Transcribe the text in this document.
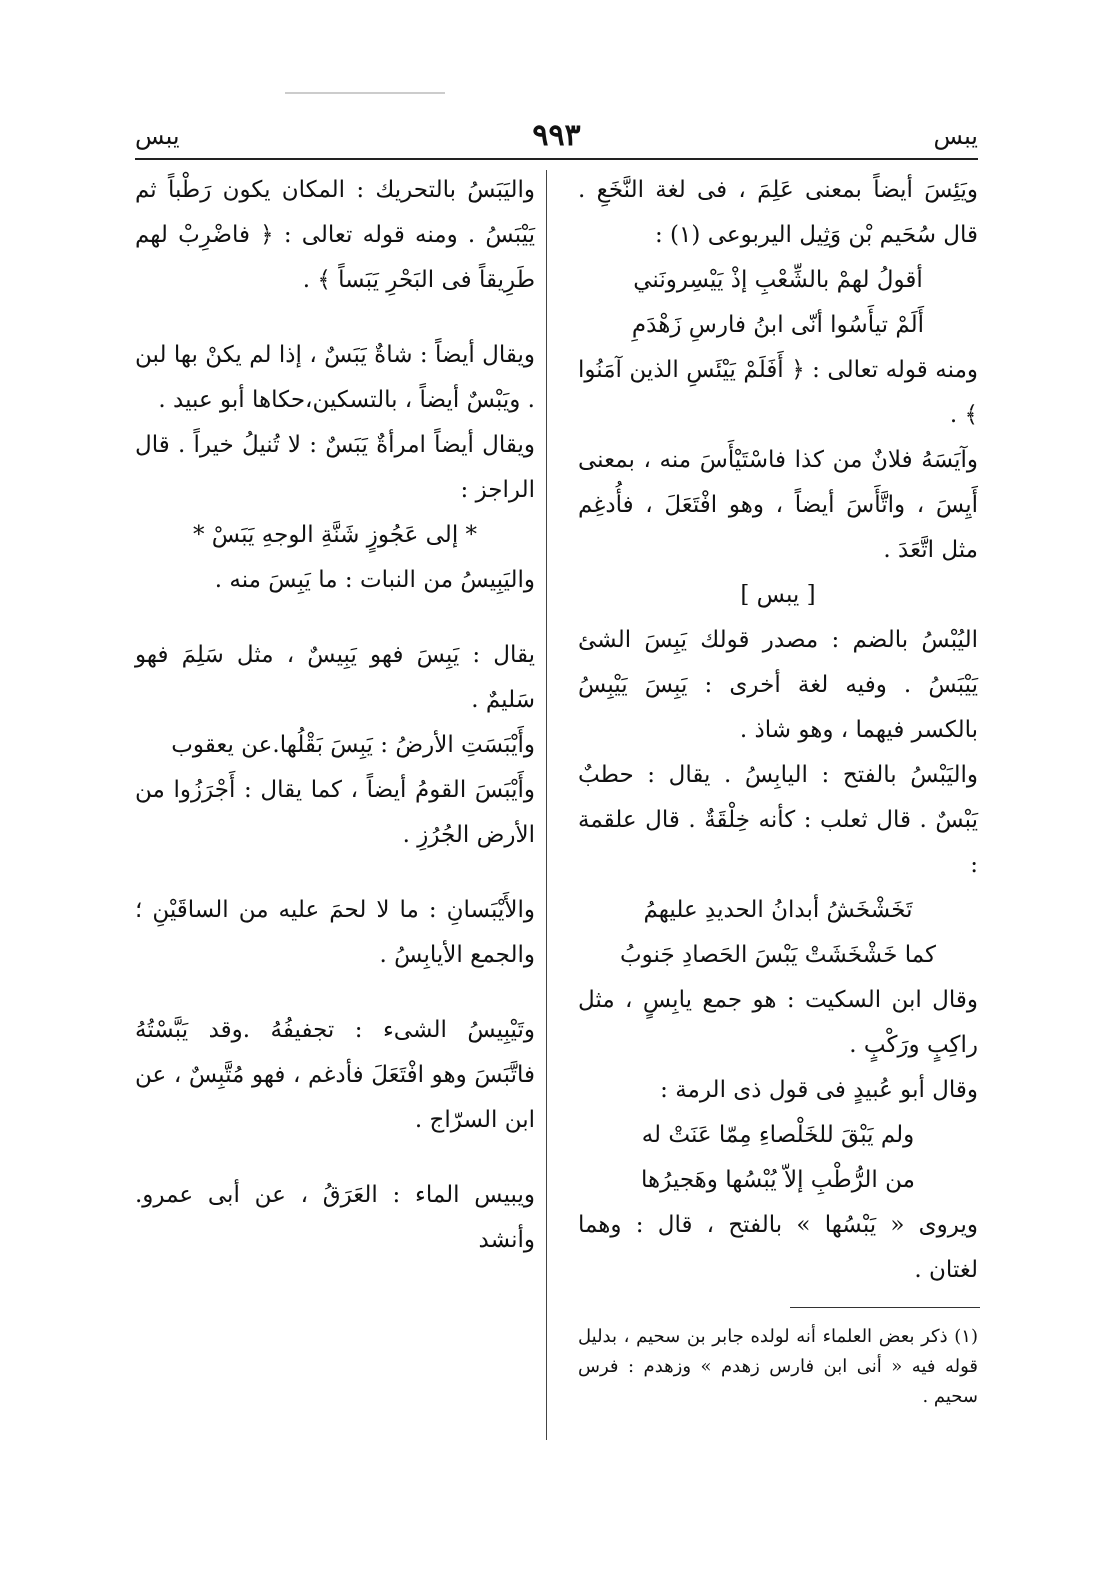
يبس
٩٩٣
يبس

ويَئِسَ أيضاً بمعنى عَلِمَ ، فى لغة النَّخَعِ . قال سُحَيم بْن وَثِيل اليربوعى (١) :

أقولُ لهمْ بالشِّعْبِ إذْ يَيْسِرونَني

أَلَمْ تيأَسُوا أنّى ابنُ فارسِ زَهْدَمِ

ومنه قوله تعالى : ﴿ أَفَلَمْ يَيْئَسِ الذين آمَنُوا ﴾ .

وآيَسَهُ فلانٌ من كذا فاسْتَيْأَسَ منه ، بمعنى أَيِسَ ، واتَّأَسَ أيضاً ، وهو افْتَعَلَ ، فأُدغِم مثل اتَّعَدَ .

[ يبس ]

اليُبْسُ بالضم : مصدر قولك يَبِسَ الشئ يَيْبَسُ . وفيه لغة أخرى : يَبِسَ يَيْبِسُ بالكسر فيهما ، وهو شاذ .

واليَبْسُ بالفتح : اليابِسُ . يقال : حطبٌ يَبْسٌ . قال ثعلب : كأنه خِلْقَةٌ . قال علقمة :

تَخَشْخَشُ أبدانُ الحديدِ عليهمُ

كما خَشْخَشَتْ يَبْسَ الحَصادِ جَنوبُ

وقال ابن السكيت : هو جمع يابِسٍ ، مثل راكِبٍ ورَكْبٍ .

وقال أبو عُبيدٍ فى قول ذى الرمة :

ولم يَبْقَ للخَلْصاءِ مِمّا عَنَتْ له

من الرُّطْبِ إلاّ يُبْسُها وهَجيرُها

ويروى « يَبْسُها » بالفتح ، قال : وهما لغتان .

واليَبَسُ بالتحريك : المكان يكون رَطْباً ثم يَيْبَسُ . ومنه قوله تعالى : ﴿ فاضْرِبْ لهم طَرِيقاً فى البَحْرِ يَبَساً ﴾ .

ويقال أيضاً : شاةٌ يَبَسٌ ، إذا لم يكنْ بها لبن . ويَبْسٌ أيضاً ، بالتسكين،حكاها أبو عبيد .

ويقال أيضاً امرأةٌ يَبَسٌ : لا تُنيلُ خيراً . قال الراجز :

* إلى عَجُوزٍ شَنَّةِ الوجهِ يَبَسْ *

واليَبِيسُ من النبات : ما يَبِسَ منه .

يقال : يَبِسَ فهو يَبِيسٌ ، مثل سَلِمَ فهو سَليمٌ .

وأَيْبَسَتِ الأرضُ : يَبِسَ بَقْلُها.عن يعقوب

وأَيْبَسَ القومُ أيضاً ، كما يقال : أَجْرَزُوا من الأرض الجُرُزِ .

والأَيْبَسانِ : ما لا لحمَ عليه من الساقَيْنِ ؛ والجمع الأيابِسُ .

وتَيْبِيسُ الشىء : تجفيفُهُ .وقد يَبَّسْتُهُ فاتَّبَسَ وهو افْتَعَلَ فأدغم ، فهو مُتَّبِسٌ ، عن ابن السرّاج .

ويبيس الماء : العَرَقُ ، عن أبى عمرو. وأنشد

(١) ذكر بعض العلماء أنه لولده جابر بن سحيم ، بدليل قوله فيه « أنى ابن فارس زهدم » وزهدم : فرس سحيم .
